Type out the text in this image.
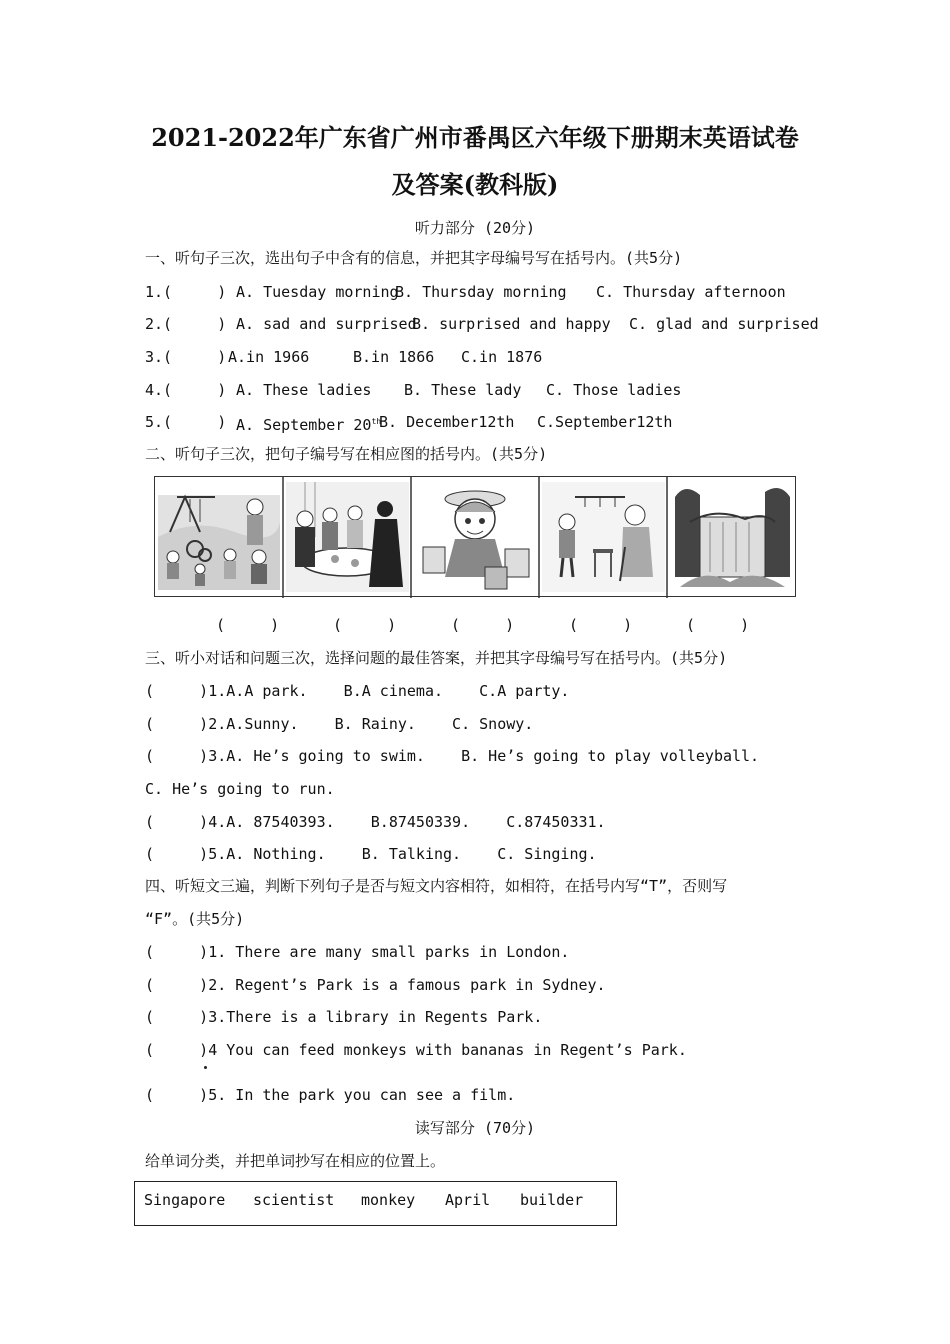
2021-2022年广东省广州市番禺区六年级下册期末英语试卷
及答案(教科版)
听力部分 (20分)
一、听句子三次，选出句子中含有的信息，并把其字母编号写在括号内。(共5分)
1.(     ) A. Tuesday morning
B. Thursday morning C. Thursday afternoon
2.(     ) A. sad and surprised
B. surprised and happy C. glad and surprised
3.(     ) A.in 1966	B.in 1866 C.in 1876
4.(     ) A. These ladies B. These lady C. Those ladies
5.(     ) A. September 20th
B. December12th C.September12th
二、听句子三次，把句子编号写在相应图的括号内。(共5分)
(     )	(     )	(     )	(     )	(     )
三、听小对话和问题三次，选择问题的最佳答案，并把其字母编号写在括号内。(共5分)
(     )1.A.A park.    B.A cinema.    C.A party.
(     )2.A.Sunny.    B. Rainy.    C. Snowy.
(     )3.A. He’s going to swim.    B. He’s going to play volleyball.
C. He’s going to run.
(     )4.A. 87540393.    B.87450339.    C.87450331.
(     )5.A. Nothing.    B. Talking.    C. Singing.
四、听短文三遍，判断下列句子是否与短文内容相符，如相符，在括号内写“T”，否则写
“F”。(共5分)
(     )1. There are many small parks in London.
(     )2. Regent’s Park is a famous park in Sydney.
(     )3.There is a library in Regents Park.
(     )4 You can feed monkeys with bananas in Regent’s Park.
(     )5. In the park you can see a film.
读写部分 (70分)
给单词分类，并把单词抄写在相应的位置上。
Singapore scientist monkey April builder
